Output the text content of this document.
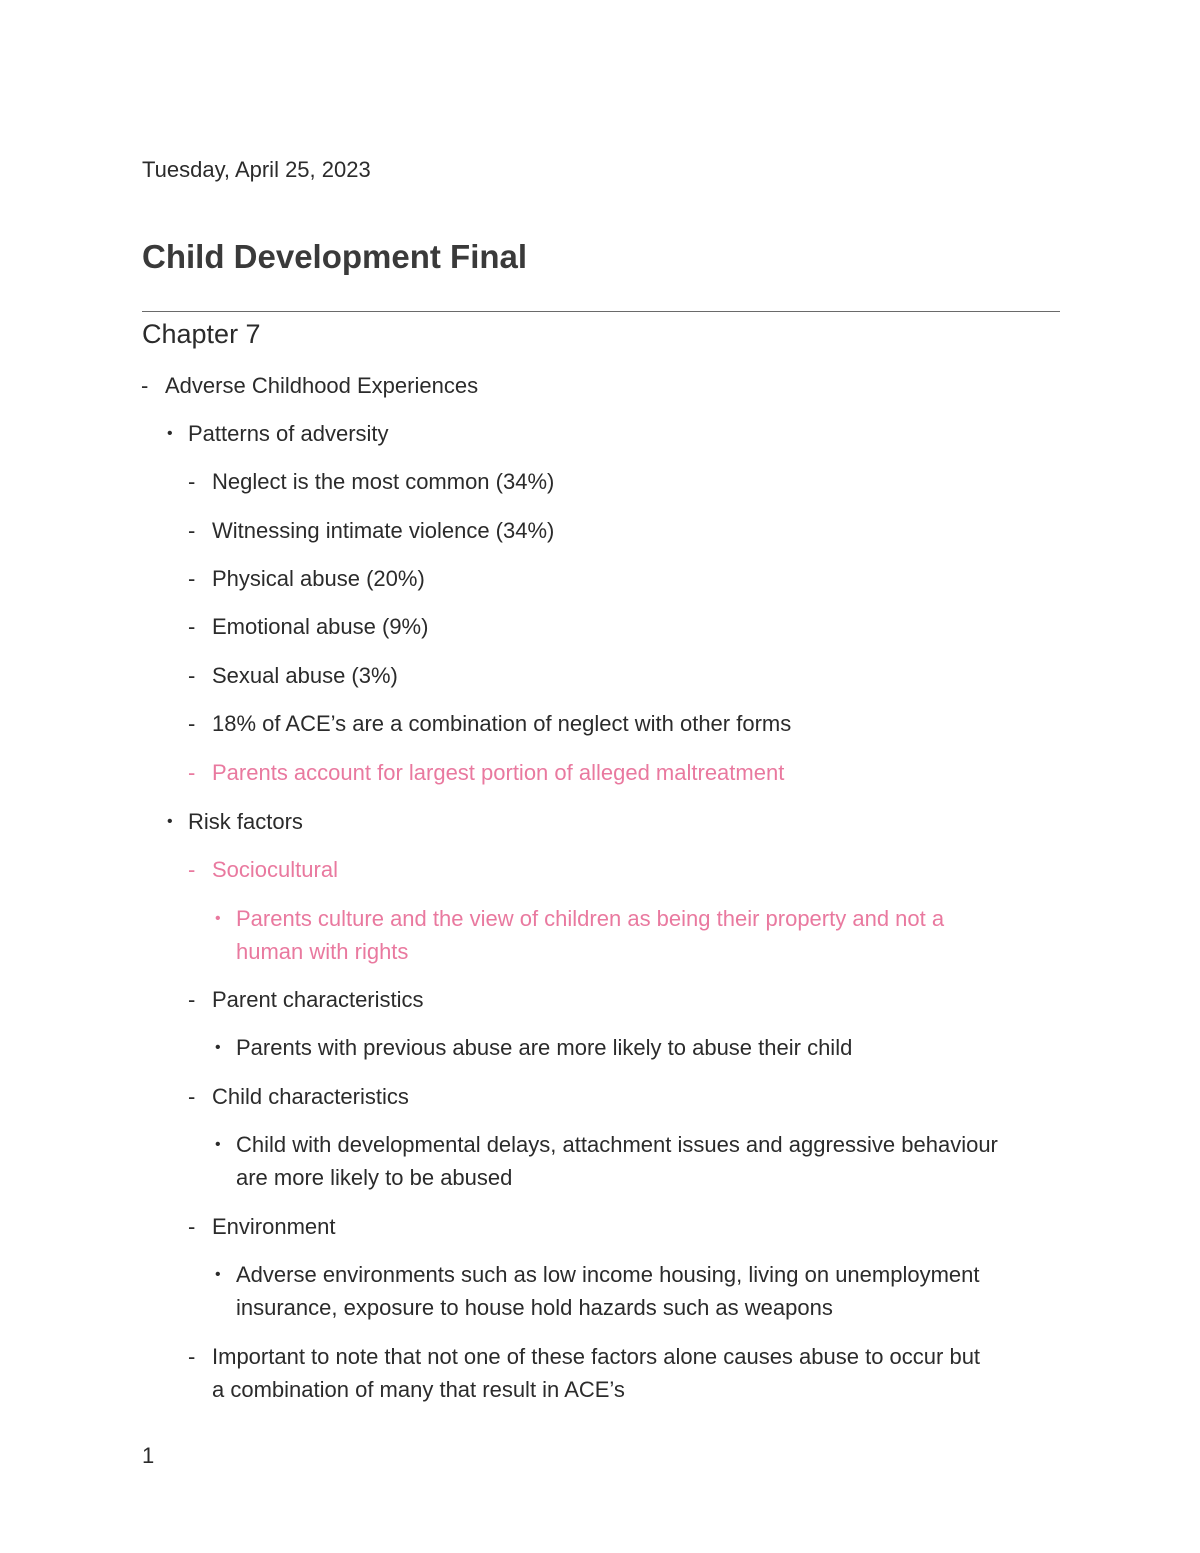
Tuesday, April 25, 2023
Child Development Final
Chapter 7
- Adverse Childhood Experiences
• Patterns of adversity
- Neglect is the most common (34%)
- Witnessing intimate violence (34%)
- Physical abuse (20%)
- Emotional abuse (9%)
- Sexual abuse (3%)
- 18% of ACE’s are a combination of neglect with other forms
- Parents account for largest portion of alleged maltreatment
• Risk factors
- Sociocultural
• Parents culture and the view of children as being their property and not a
human with rights
- Parent characteristics
• Parents with previous abuse are more likely to abuse their child
- Child characteristics
• Child with developmental delays, attachment issues and aggressive behaviour
are more likely to be abused
- Environment
• Adverse environments such as low income housing, living on unemployment
insurance, exposure to house hold hazards such as weapons
- Important to note that not one of these factors alone causes abuse to occur but
a combination of many that result in ACE’s
1
